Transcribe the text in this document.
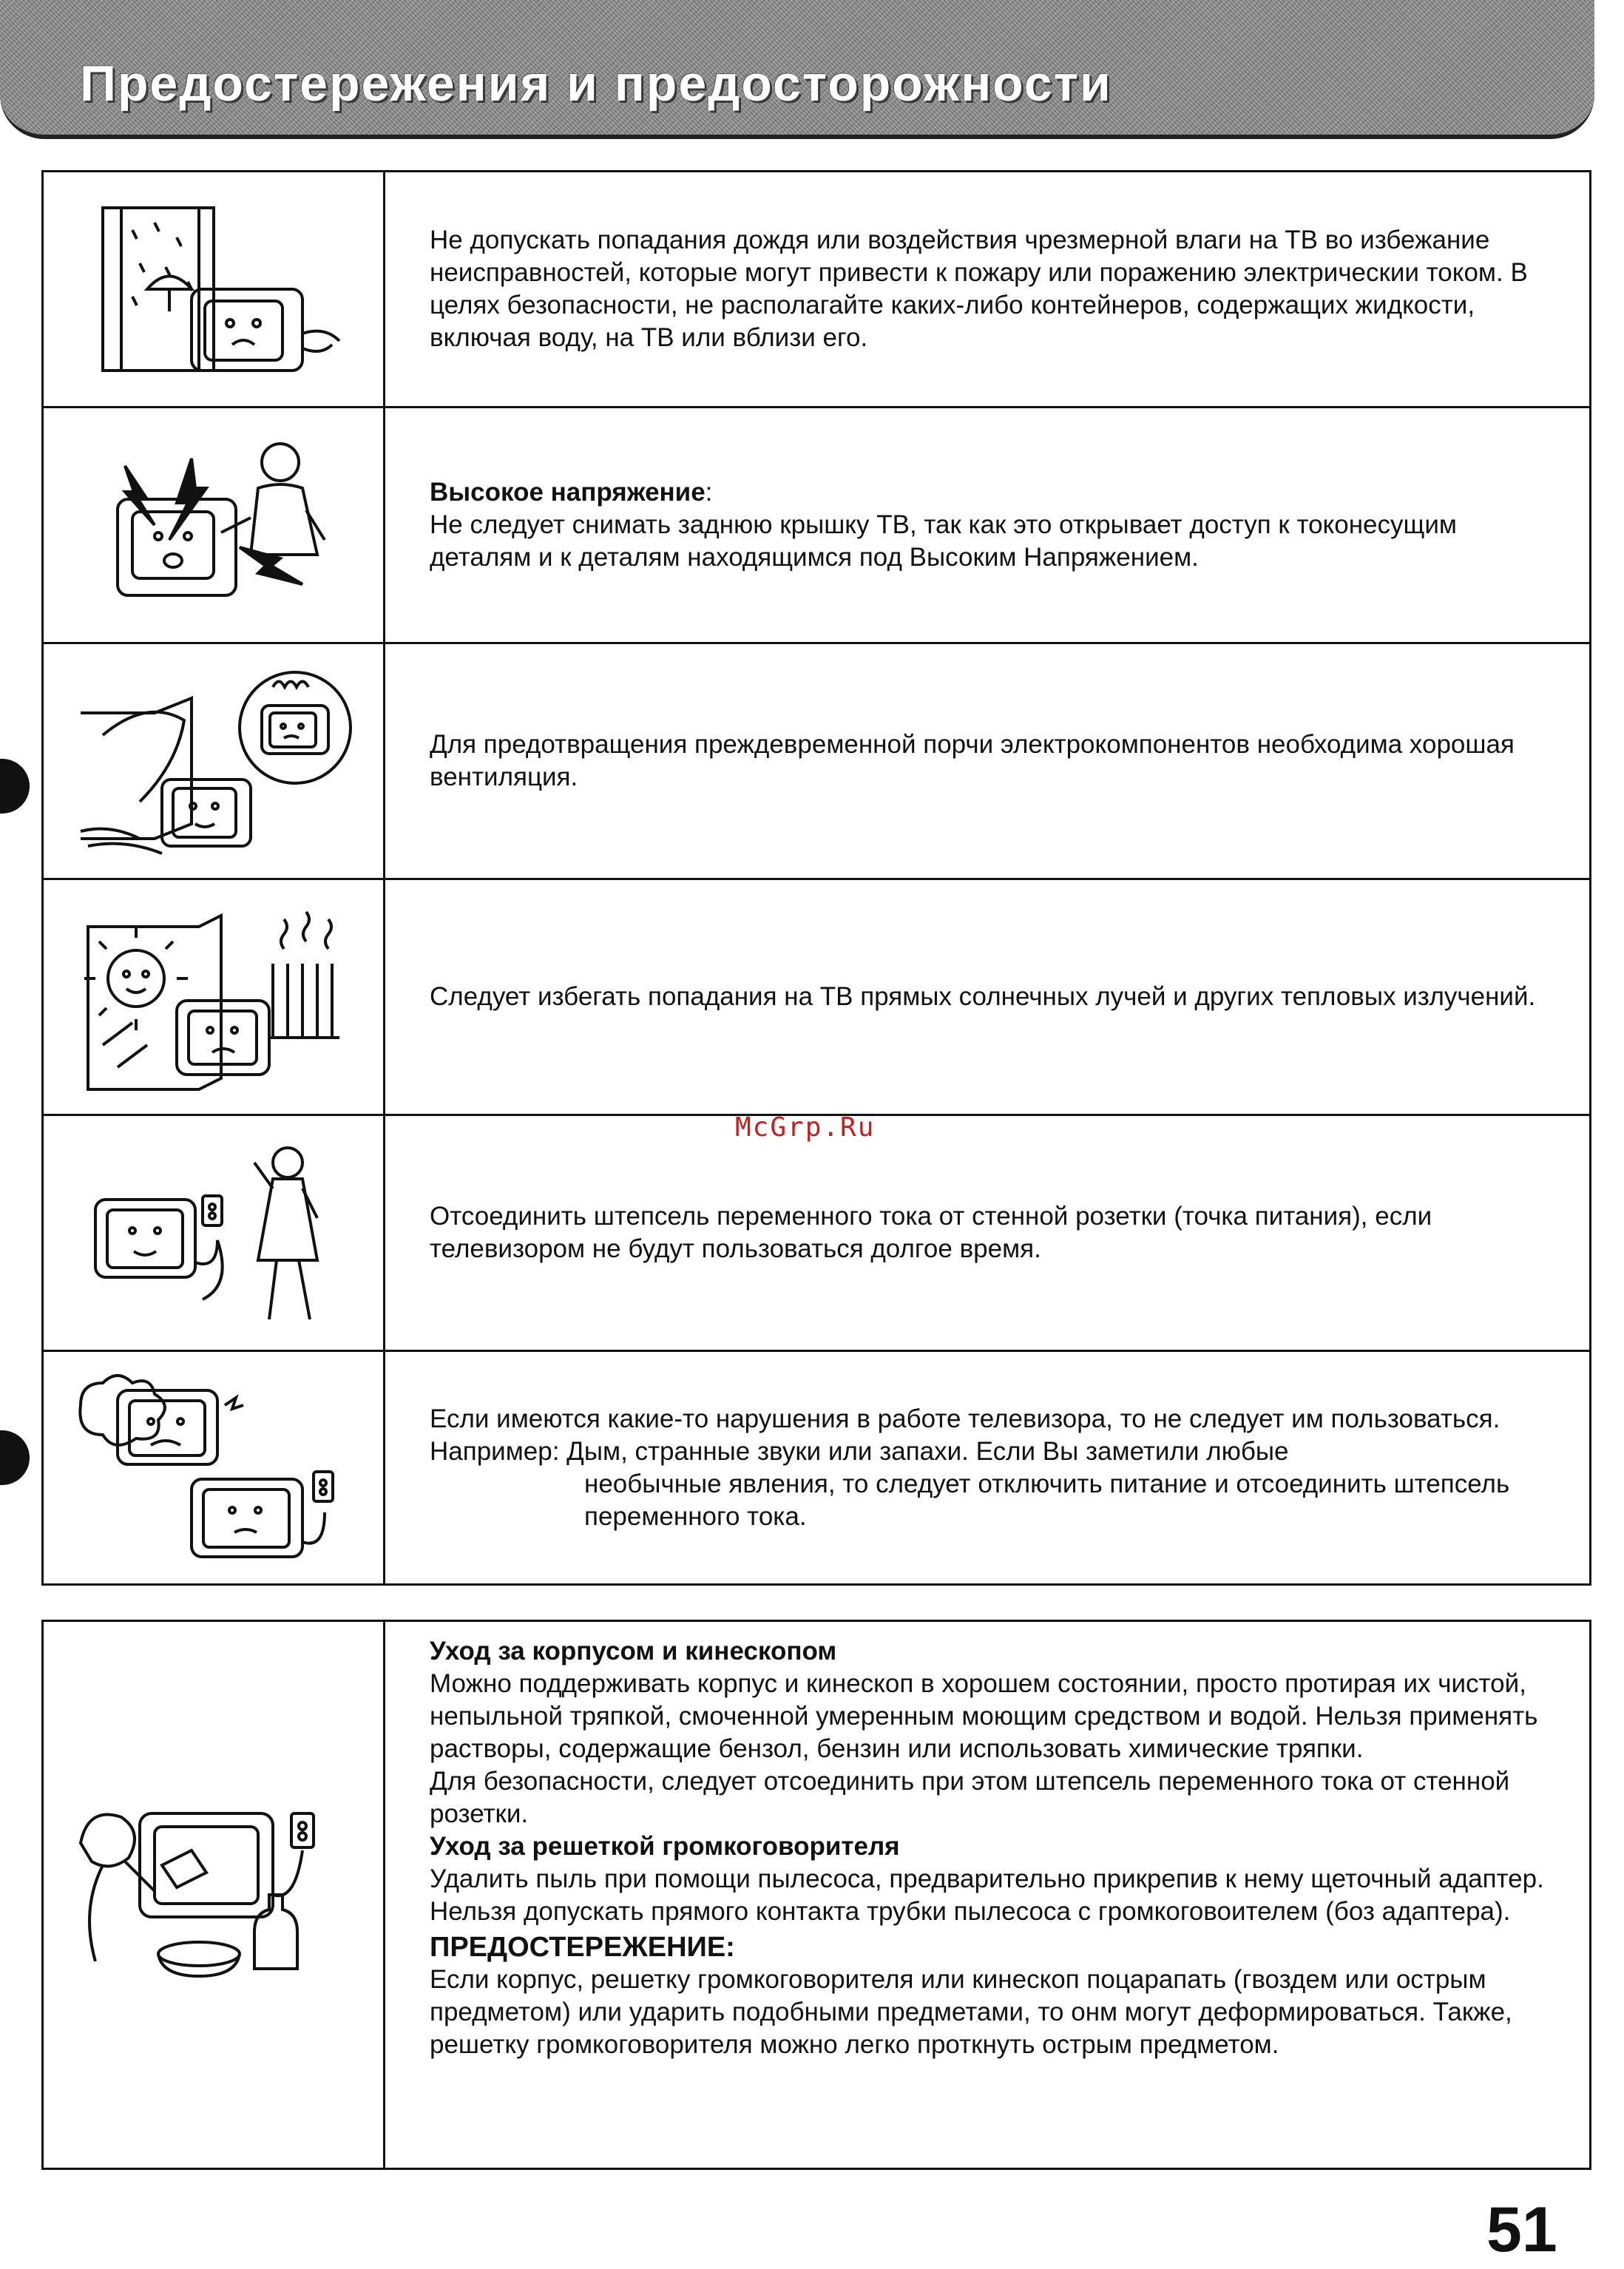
Предостережения и предосторожности

Не допускать попадания дождя или воздействия чрезмерной влаги на ТВ во избежание неисправностей, которые могут привести к пожару или поражению электрическии током. В целях безопасности, не располагайте каких-либо контейнеров, содержащих жидкости, включая воду, на ТВ или вблизи его.

Высокое напряжение:

Не следует снимать заднюю крышку ТВ, так как это открывает доступ к токонесущим деталям и к деталям находящимся под Высоким Напряжением.

Для предотвращения преждевременной порчи электрокомпонентов необходима хорошая вентиляция.

Следует избегать попадания на ТВ прямых солнечных лучей и других тепловых излучений.

Отсоединить штепсель переменного тока от стенной розетки (точка питания), если телевизором не будут пользоваться долгое время.

Если имеются какие-то нарушения в работе телевизора, то не следует им пользоваться.

Например: Дым, странные звуки или запахи. Если Вы заметили любые

необычные явления, то следует отключить питание и отсоединить штепсель переменного тока.

McGrp.Ru

Уход за корпусом и кинескопом

Можно поддерживать корпус и кинескоп в хорошем состоянии, просто протирая их чистой, непыльной тряпкой, смоченной умеренным моющим средством и водой. Нельзя применять растворы, содержащие бензол, бензин или использовать химические тряпки.

Для безопасности, следует отсоединить при этом штепсель переменного тока от стенной розетки.

Уход за решеткой громкоговорителя

Удалить пыль при помощи пылесоса, предварительно прикрепив к нему щеточный адаптер. Нельзя допускать прямого контакта трубки пылесоса с громкоговоителем (боз адаптера).

ПРЕДОСТЕРЕЖЕНИЕ:

Если корпус, решетку громкоговорителя или кинескоп поцарапать (гвоздем или острым предметом) или ударить подобными предметами, то онм могут деформироваться. Также, решетку громкоговорителя можно легко проткнуть острым предметом.

51
